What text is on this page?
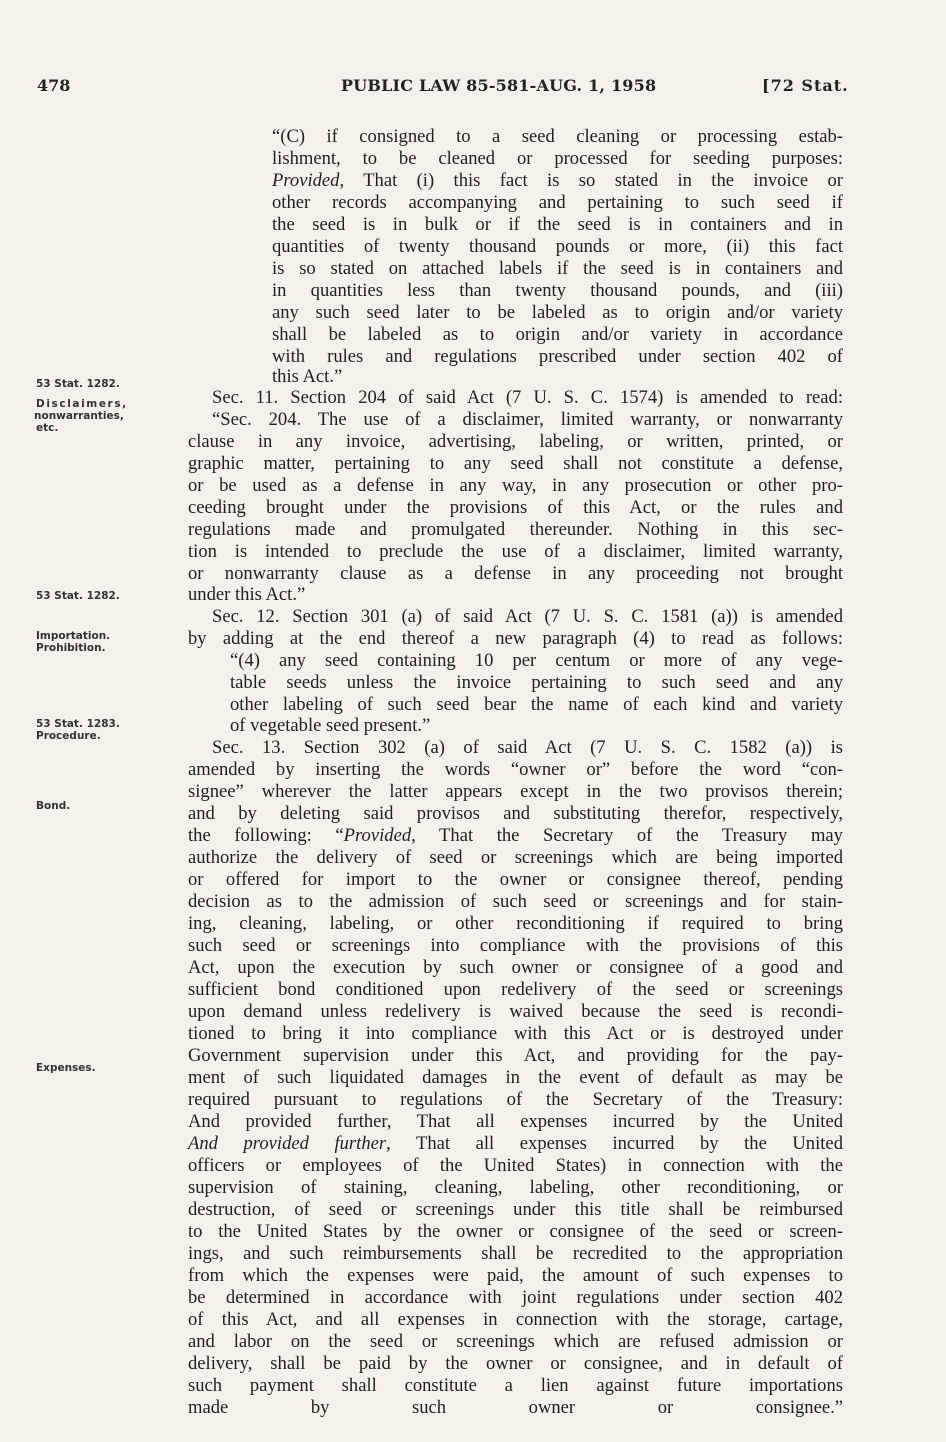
478	PUBLIC LAW 85-581-AUG. 1, 1958	[72 Stat.
53 Stat. 1282.
Disclaimers,
nonwarranties,
etc.
53 Stat. 1282.
Importation.
Prohibition.
53 Stat. 1283.
Procedure.
Bond.
Expenses.
“(C) if consigned to a seed cleaning or processing estab-
lishment, to be cleaned or processed for seeding purposes:
Provided, That (i) this fact is so stated in the invoice or
other records accompanying and pertaining to such seed if
the seed is in bulk or if the seed is in containers and in
quantities of twenty thousand pounds or more, (ii) this fact
is so stated on attached labels if the seed is in containers and
in quantities less than twenty thousand pounds, and (iii)
any such seed later to be labeled as to origin and/or variety
shall be labeled as to origin and/or variety in accordance
with rules and regulations prescribed under section 402 of
this Act.”
Sec. 11. Section 204 of said Act (7 U. S. C. 1574) is amended to read:
“Sec. 204. The use of a disclaimer, limited warranty, or nonwarranty
clause in any invoice, advertising, labeling, or written, printed, or
graphic matter, pertaining to any seed shall not constitute a defense,
or be used as a defense in any way, in any prosecution or other pro-
ceeding brought under the provisions of this Act, or the rules and
regulations made and promulgated thereunder. Nothing in this sec-
tion is intended to preclude the use of a disclaimer, limited warranty,
or nonwarranty clause as a defense in any proceeding not brought
under this Act.”
Sec. 12. Section 301 (a) of said Act (7 U. S. C. 1581 (a)) is amended
by adding at the end thereof a new paragraph (4) to read as follows:
“(4) any seed containing 10 per centum or more of any vege-
table seeds unless the invoice pertaining to such seed and any
other labeling of such seed bear the name of each kind and variety
of vegetable seed present.”
Sec. 13. Section 302 (a) of said Act (7 U. S. C. 1582 (a)) is
amended by inserting the words “owner or” before the word “con-
signee” wherever the latter appears except in the two provisos therein;
and by deleting said provisos and substituting therefor, respectively,
the following: “Provided, That the Secretary of the Treasury may
authorize the delivery of seed or screenings which are being imported
or offered for import to the owner or consignee thereof, pending
decision as to the admission of such seed or screenings and for stain-
ing, cleaning, labeling, or other reconditioning if required to bring
such seed or screenings into compliance with the provisions of this
Act, upon the execution by such owner or consignee of a good and
sufficient bond conditioned upon redelivery of the seed or screenings
upon demand unless redelivery is waived because the seed is recondi-
tioned to bring it into compliance with this Act or is destroyed under
Government supervision under this Act, and providing for the pay-
ment of such liquidated damages in the event of default as may be
required pursuant to regulations of the Secretary of the Treasury:
And provided further, That all expenses incurred by the United
And provided further, That all expenses incurred by the United
officers or employees of the United States) in connection with the
supervision of staining, cleaning, labeling, other reconditioning, or
destruction, of seed or screenings under this title shall be reimbursed
to the United States by the owner or consignee of the seed or screen-
ings, and such reimbursements shall be recredited to the appropriation
from which the expenses were paid, the amount of such expenses to
be determined in accordance with joint regulations under section 402
of this Act, and all expenses in connection with the storage, cartage,
and labor on the seed or screenings which are refused admission or
delivery, shall be paid by the owner or consignee, and in default of
such payment shall constitute a lien against future importations
made by such owner or consignee.”
